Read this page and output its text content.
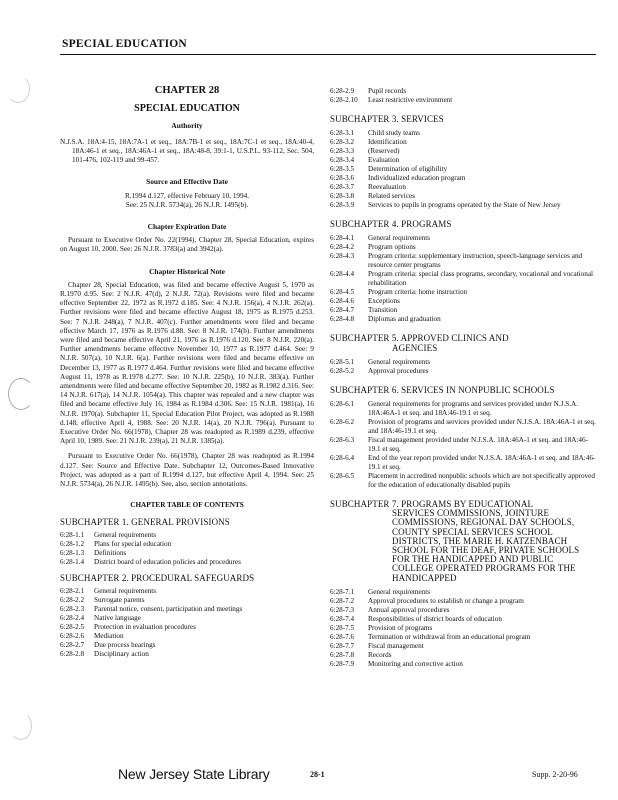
SPECIAL EDUCATION
CHAPTER 28
SPECIAL EDUCATION
Authority

N.J.S.A. 18A:4-15, 18A:7A-1 et seq., 18A:7B-1 et seq., 18A:7C-1 et seq., 18A:40-4, 18A:46-1 et seq., 18A:46A-1 et seq., 18A:48-8, 39:1-1, U.S.P.L. 93-112, Sec. 504, 101-476, 102-119 and 99-457.

Source and Effective Date

R.1994 d.127, effective February 10, 1994.

See: 25 N.J.R. 5734(a), 26 N.J.R. 1495(b).

Chapter Expiration Date

Pursuant to Executive Order No. 22(1994), Chapter 28, Special Education, expires on August 10, 2000. See: 26 N.J.R. 3783(a) and 3942(a).

Chapter Historical Note

Chapter 28, Special Education, was filed and became effective August 5, 1970 as R.1970 d.95. See: 2 N.J.R. 47(d), 2 N.J.R. 72(a). Revisions were filed and became effective September 22, 1972 as R.1972 d.185. See: 4 N.J.R. 156(a), 4 N.J.R. 262(a). Further revisions were filed and became effective August 18, 1975 as R.1975 d.253. See: 7 N.J.R. 248(a), 7 N.J.R. 407(c). Further amendments were filed and became effective March 17, 1976 as R.1976 d.88. See: 8 N.J.R. 174(b). Further amendments were filed and became effective April 21, 1976 as R.1976 d.120. See: 8 N.J.R. 220(a). Further amendments became effective November 10, 1977 as R.1977 d.464. See: 9 N.J.R. 507(a), 10 N.J.R. 6(a). Further revisions were filed and became effective on December 13, 1977 as R.1977 d.464. Further revisions were filed and became effective August 11, 1978 as R.1978 d.277. See: 10 N.J.R. 225(b), 10 N.J.R. 383(a). Further amendments were filed and became effective September 20, 1982 as R.1982 d.316. See: 14 N.J.R. 617(a), 14 N.J.R. 1054(a). This chapter was repealed and a new chapter was filed and became effective July 16, 1984 as R.1984 d.306. See: 15 N.J.R. 1981(a), 16 N.J.R. 1970(a). Subchapter 11, Special Education Pilot Project, was adopted as R.1988 d.148, effective April 4, 1988. See: 20 N.J.R. 14(a), 20 N.J.R. 796(a). Pursuant to Executive Order No. 66(1978), Chapter 28 was readopted as R.1989 d.239, effective April 10, 1989. See: 21 N.J.R. 239(a), 21 N.J.R. 1385(a).

Pursuant to Executive Order No. 66(1978), Chapter 28 was readopted as R.1994 d.127. See: Source and Effective Date. Subchapter 12, Outcomes-Based Innovative Project, was adopted as a part of R.1994 d.127, but effective April 4, 1994. See: 25 N.J.R. 5734(a), 26 N.J.R. 1495(b). See, also, section annotations.

CHAPTER TABLE OF CONTENTS
SUBCHAPTER 1. GENERAL PROVISIONS
6:28-1.1	General requirements
6:28-1.2	Plans for special education
6:28-1.3	Definitions
6:28-1.4	District board of education policies and procedures
SUBCHAPTER 2. PROCEDURAL SAFEGUARDS
6:28-2.1	General requirements
6:28-2.2	Surrogate parents
6:28-2.3	Parental notice, consent, participation and meetings
6:28-2.4	Native language
6:28-2.5	Protection in evaluation procedures
6:28-2.6	Mediation
6:28-2.7	Due process hearings
6:28-2.8	Disciplinary action
6:28-2.9	Pupil records
6:28-2.10	Least restrictive environment
SUBCHAPTER 3. SERVICES
6:28-3.1	Child study teams
6:28-3.2	Identification
6:28-3.3	(Reserved)
6:28-3.4	Evaluation
6:28-3.5	Determination of eligibility
6:28-3.6	Individualized education program
6:28-3.7	Reevaluation
6:28-3.8	Related services
6:28-3.9	Services to pupils in programs operated by the State of New Jersey
SUBCHAPTER 4. PROGRAMS
6:28-4.1	General requirements
6:28-4.2	Program options
6:28-4.3	Program criteria: supplementary instruction, speech-language services and resource center programs
6:28-4.4	Program criteria: special class programs, secondary, vocational and vocational rehabilitation
6:28-4.5	Program criteria: home instruction
6:28-4.6	Exceptions
6:28-4.7	Transition
6:28-4.8	Diplomas and graduation
SUBCHAPTER 5. APPROVED CLINICS AND
AGENCIES
6:28-5.1	General requirements
6:28-5.2	Approval procedures
SUBCHAPTER 6. SERVICES IN NONPUBLIC SCHOOLS
6:28-6.1	General requirements for programs and services provided under N.J.S.A. 18A:46A-1 et seq. and 18A:46-19.1 et seq.
6:28-6.2	Provision of programs and services provided under N.J.S.A. 18A:46A-1 et seq. and 18A:46-19.1 et seq.
6:28-6.3	Fiscal management provided under N.J.S.A. 18A:46A-1 et seq. and 18A:46-19.1 et seq.
6:28-6.4	End of the year report provided under N.J.S.A. 18A:46A-1 et seq. and 18A:46-19.1 et seq.
6:28-6.5	Placement in accredited nonpublic schools which are not specifically approved for the education of educationally disabled pupils
SUBCHAPTER 7. PROGRAMS BY EDUCATIONAL
SERVICES COMMISSIONS, JOINTURE
COMMISSIONS, REGIONAL DAY SCHOOLS,
COUNTY SPECIAL SERVICES SCHOOL
DISTRICTS, THE MARIE H. KATZENBACH
SCHOOL FOR THE DEAF, PRIVATE SCHOOLS
FOR THE HANDICAPPED AND PUBLIC
COLLEGE OPERATED PROGRAMS FOR THE
HANDICAPPED
6:28-7.1	General requirements
6:28-7.2	Approval procedures to establish or change a program
6:28-7.3	Annual approval procedures
6:28-7.4	Responsibilities of district boards of education
6:28-7.5	Provision of programs
6:28-7.6	Termination or withdrawal from an educational program
6:28-7.7	Fiscal management
6:28-7.8	Records
6:28-7.9	Monitoring and corrective action
New Jersey State Library	28-1	Supp. 2-20-96
